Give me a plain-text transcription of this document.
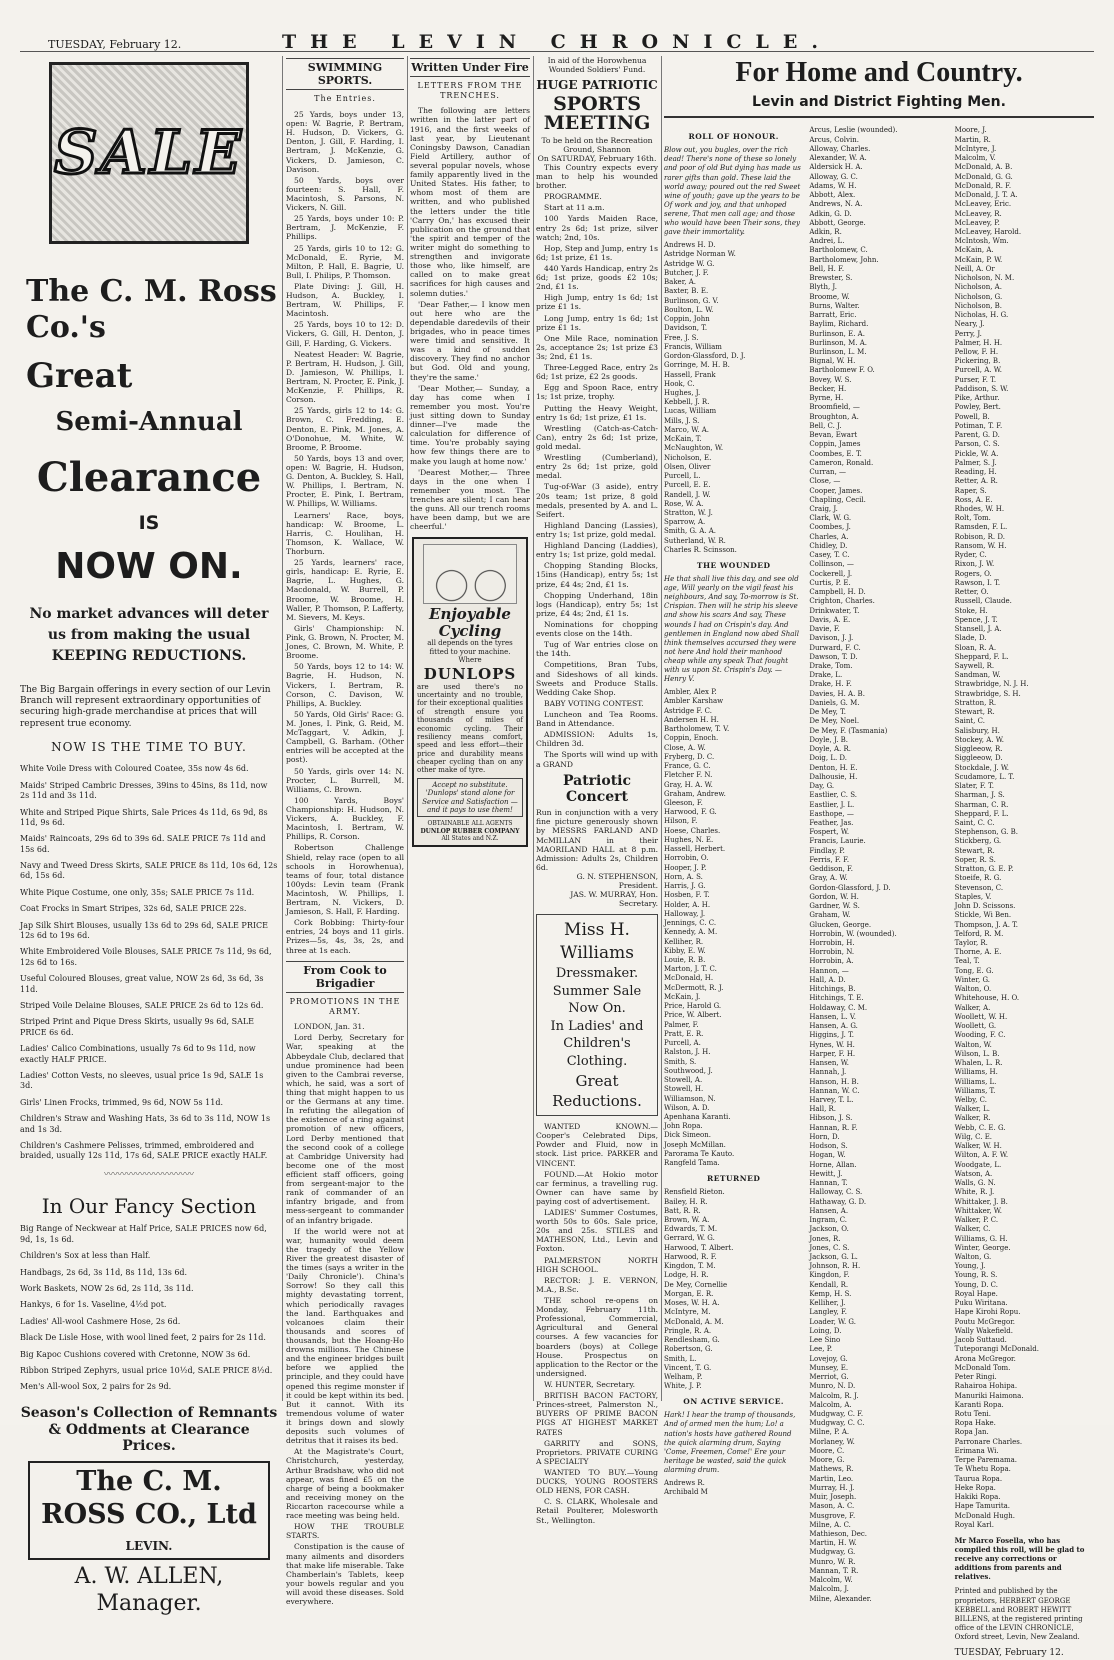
TUESDAY, February 12.	THE LEVIN CHRONICLE.
SALE
The C. M. Ross Co.'s
Great
Semi-Annual
Clearance
IS
NOW ON.
No market advances will deter us from making the usual KEEPING REDUCTIONS.
The Big Bargain offerings in every section of our Levin Branch will represent extraordinary opportunities of securing high-grade merchandise at prices that will represent true economy.
NOW IS THE TIME TO BUY.

White Voile Dress with Coloured Coatee, 35s now 4s 6d.

Maids' Striped Cambric Dresses, 39ins to 45ins, 8s 11d, now 2s 11d and 3s 11d.

White and Striped Pique Shirts, Sale Prices 4s 11d, 6s 9d, 8s 11d, 9s 6d.

Maids' Raincoats, 29s 6d to 39s 6d. SALE PRICE 7s 11d and 15s 6d.

Navy and Tweed Dress Skirts, SALE PRICE 8s 11d, 10s 6d, 12s 6d, 15s 6d.

White Pique Costume, one only, 35s; SALE PRICE 7s 11d.

Coat Frocks in Smart Stripes, 32s 6d, SALE PRICE 22s.

Jap Silk Shirt Blouses, usually 13s 6d to 29s 6d, SALE PRICE 12s 6d to 19s 6d.

White Embroidered Voile Blouses, SALE PRICE 7s 11d, 9s 6d, 12s 6d to 16s.

Useful Coloured Blouses, great value, NOW 2s 6d, 3s 6d, 3s 11d.

Striped Voile Delaine Blouses, SALE PRICE 2s 6d to 12s 6d.

Striped Print and Pique Dress Skirts, usually 9s 6d, SALE PRICE 6s 6d.

Ladies' Calico Combinations, usually 7s 6d to 9s 11d, now exactly HALF PRICE.

Ladies' Cotton Vests, no sleeves, usual price 1s 9d, SALE 1s 3d.

Girls' Linen Frocks, trimmed, 9s 6d, NOW 5s 11d.

Children's Straw and Washing Hats, 3s 6d to 3s 11d, NOW 1s and 1s 3d.

Children's Cashmere Pelisses, trimmed, embroidered and braided, usually 12s 11d, 17s 6d, SALE PRICE exactly HALF.

〰〰〰〰〰〰〰〰〰〰
In Our Fancy Section

Big Range of Neckwear at Half Price, SALE PRICES now 6d, 9d, 1s, 1s 6d.

Children's Sox at less than Half.

Handbags, 2s 6d, 3s 11d, 8s 11d, 13s 6d.

Work Baskets, NOW 2s 6d, 2s 11d, 3s 11d.

Hankys, 6 for 1s. Vaseline, 4½d pot.

Ladies' All-wool Cashmere Hose, 2s 6d.

Black De Lisle Hose, with wool lined feet, 2 pairs for 2s 11d.

Big Kapoc Cushions covered with Cretonne, NOW 3s 6d.

Ribbon Striped Zephyrs, usual price 10½d, SALE PRICE 8½d.

Men's All-wool Sox, 2 pairs for 2s 9d.

Season's Collection of Remnants & Oddments at Clearance Prices.
The C. M. ROSS CO., Ltd
LEVIN.
A. W. ALLEN, Manager.
SWIMMING SPORTS.
The Entries.

25 Yards, boys under 13, open: W. Bagrie, P. Bertram, H. Hudson, D. Vickers, G. Denton, J. Gill, F. Harding, I. Bertram, J. McKenzie, G. Vickers, D. Jamieson, C. Davison.

50 Yards, boys over fourteen: S. Hall, F. Macintosh, S. Parsons, N. Vickers, N. Gill.

25 Yards, boys under 10: P. Bertram, J. McKenzie, F. Phillips.

25 Yards, girls 10 to 12: G. McDonald, E. Ryrie, M. Milton, P. Hall, E. Bagrie, U. Bull, I. Philips, P. Thomson.

Plate Diving: J. Gill, H. Hudson, A. Buckley, I. Bertram, W. Phillips, F. Macintosh.

25 Yards, boys 10 to 12: D. Vickers, G. Gill, H. Denton, J. Gill, F. Harding, G. Vickers.

Neatest Header: W. Bagrie, P. Bertram, H. Hudson, J. Gill, D. Jamieson, W. Phillips, I. Bertram, N. Procter, E. Pink, J. McKenzie, F. Phillips, R. Corson.

25 Yards, girls 12 to 14: G. Brown, C. Fredding, E. Denton, E. Pink, M. Jones, A. O'Donohue, M. White, W. Broome, P. Broome.

50 Yards, boys 13 and over, open: W. Bagrie, H. Hudson, G. Denton, A. Buckley, S. Hall, W. Phillips, I. Bertram, N. Procter, E. Pink, I. Bertram, W. Phillips, W. Williams.

Learners' Race, boys, handicap: W. Broome, L. Harris, C. Houlihan, H. Thomson, K. Wallace, W. Thorburn.

25 Yards, learners' race, girls, handicap: E. Ryrie, E. Bagrie, L. Hughes, G. Macdonald, W. Burrell, P. Broome, W. Broome, H. Waller, P. Thomson, P. Lafferty, M. Sievers, M. Keys.

Girls' Championship: N. Pink, G. Brown, N. Procter, M. Jones, C. Brown, M. White, P. Broome.

50 Yards, boys 12 to 14: W. Bagrie, H. Hudson, N. Vickers, I. Bertram, R. Corson, C. Davison, W. Phillips, A. Buckley.

50 Yards, Old Girls' Race: G. M. Jones, I. Pink, G. Reid, M. McTaggart, V. Adkin, J. Campbell, G. Barham. (Other entries will be accepted at the post).

50 Yards, girls over 14: N. Procter, L. Burrell, M. Williams, C. Brown.

100 Yards, Boys' Championship: H. Hudson, N. Vickers, A. Buckley, F. Macintosh, I. Bertram, W. Phillips, R. Corson.

Robertson Challenge Shield, relay race (open to all schools in Horowhenua), teams of four, total distance 100yds: Levin team (Frank Macintosh, W. Phillips, I. Bertram, N. Vickers, D. Jamieson, S. Hall, F. Harding.

Cork Bobbing: Thirty-four entries, 24 boys and 11 girls. Prizes—5s, 4s, 3s, 2s, and three at 1s each.

From Cook to Brigadier
PROMOTIONS IN THE ARMY.

LONDON, Jan. 31.

Lord Derby, Secretary for War, speaking at the Abbeydale Club, declared that undue prominence had been given to the Cambrai reverse, which, he said, was a sort of thing that might happen to us or the Germans at any time. In refuting the allegation of the existence of a ring against promotion of new officers, Lord Derby mentioned that the second cook of a college at Cambridge University had become one of the most efficient staff officers, going from sergeant-major to the rank of commander of an infantry brigade, and from mess-sergeant to commander of an infantry brigade.

If the world were not at war, humanity would deem the tragedy of the Yellow River the greatest disaster of the times (says a writer in the 'Daily Chronicle'). China's Sorrow! So they call this mighty devastating torrent, which periodically ravages the land. Earthquakes and volcanoes claim their thousands and scores of thousands, but the Hoang-Ho drowns millions. The Chinese and the engineer bridges built before we applied the principle, and they could have opened this regime monster if it could be kept within its bed. But it cannot. With its tremendous volume of water it brings down and slowly deposits such volumes of detritus that it raises its bed.

At the Magistrate's Court, Christchurch, yesterday, Arthur Bradshaw, who did not appear, was fined £5 on the charge of being a bookmaker and receiving money on the Riccarton racecourse while a race meeting was being held.

HOW THE TROUBLE STARTS.

Constipation is the cause of many ailments and disorders that make life miserable. Take Chamberlain's Tablets, keep your bowels regular and you will avoid these diseases. Sold everywhere.

Written Under Fire
LETTERS FROM THE TRENCHES.

The following are letters written in the latter part of 1916, and the first weeks of last year, by Lieutenant Coningsby Dawson, Canadian Field Artillery, author of several popular novels, whose family apparently lived in the United States. His father, to whom most of them are written, and who published the letters under the title 'Carry On,' has excused their publication on the ground that 'the spirit and temper of the writer might do something to strengthen and invigorate those who, like himself, are called on to make great sacrifices for high causes and solemn duties.'

'Dear Father,— I know men out here who are the dependable daredevils of their brigades, who in peace times were timid and sensitive. It was a kind of sudden discovery. They find no anchor but God. Old and young, they're the same.'

'Dear Mother,— Sunday, a day has come when I remember you most. You're just sitting down to Sunday dinner—I've made the calculation for difference of time. You're probably saying how few things there are to make you laugh at home now.'

'Dearest Mother,— Three days in the one when I remember you most. The trenches are silent; I can hear the guns. All our trench rooms have been damp, but we are cheerful.'

Enjoyable Cycling
all depends on the tyres fitted to your machine. Where
DUNLOPS
are used there's no uncertainty and no trouble, for their exceptional qualities of strength ensure you thousands of miles of economic cycling. Their resiliency means comfort, speed and less effort—their price and durability means cheaper cycling than on any other make of tyre.
Accept no substitute. 'Dunlops' stand alone for Service and Satisfaction — and it pays to use them!
OBTAINABLE ALL AGENTS
DUNLOP RUBBER COMPANY
All States and N.Z.
In aid of the Horowhenua Wounded Soldiers' Fund.
HUGE PATRIOTIC
SPORTS MEETING
To be held on the Recreation Ground, Shannon
On SATURDAY, February 16th.

This Country expects every man to help his wounded brother.

PROGRAMME.

Start at 11 a.m.

100 Yards Maiden Race, entry 2s 6d; 1st prize, silver watch; 2nd, 10s.

Hop, Step and Jump, entry 1s 6d; 1st prize, £1 1s.

440 Yards Handicap, entry 2s 6d; 1st prize, goods £2 10s; 2nd, £1 1s.

High Jump, entry 1s 6d; 1st prize £1 1s.

Long Jump, entry 1s 6d; 1st prize £1 1s.

One Mile Race, nomination 2s, acceptance 2s; 1st prize £3 3s; 2nd, £1 1s.

Three-Legged Race, entry 2s 6d; 1st prize, £2 2s goods.

Egg and Spoon Race, entry 1s; 1st prize, trophy.

Putting the Heavy Weight, entry 1s 6d; 1st prize, £1 1s.

Wrestling (Catch-as-Catch-Can), entry 2s 6d; 1st prize, gold medal.

Wrestling (Cumberland), entry 2s 6d; 1st prize, gold medal.

Tug-of-War (3 aside), entry 20s team; 1st prize, 8 gold medals, presented by A. and L. Seifert.

Highland Dancing (Lassies), entry 1s; 1st prize, gold medal.

Highland Dancing (Laddies), entry 1s; 1st prize, gold medal.

Chopping Standing Blocks, 15ins (Handicap), entry 5s; 1st prize, £4 4s; 2nd, £1 1s.

Chopping Underhand, 18in logs (Handicap), entry 5s; 1st prize, £4 4s; 2nd, £1 1s.

Nominations for chopping events close on the 14th.

Tug of War entries close on the 14th.

Competitions, Bran Tubs, and Sideshows of all kinds. Sweets and Produce Stalls. Wedding Cake Shop.

BABY VOTING CONTEST.

Luncheon and Tea Rooms. Band in Attendance.

ADMISSION: Adults 1s, Children 3d.

The Sports will wind up with a GRAND

Patriotic Concert
Run in conjunction with a very fine picture generously shown by MESSRS FARLAND AND McMILLAN in their MAORILAND HALL at 8 p.m. Admission: Adults 2s, Children 6d.
G. N. STEPHENSON, President.
JAS. W. MURRAY, Hon. Secretary.
Miss H. Williams
Dressmaker.
Summer Sale Now On.
In Ladies' and Children's Clothing.
Great Reductions.

WANTED KNOWN.—Cooper's Celebrated Dips, Powder and Fluid, now in stock. List price. PARKER and VINCENT.

FOUND.—At Hokio motor car ferminus, a travelling rug. Owner can have same by paying cost of advertisement.

LADIES' Summer Costumes, worth 50s to 60s. Sale price, 20s and 25s. STILES and MATHESON, Ltd., Levin and Foxton.

PALMERSTON NORTH HIGH SCHOOL.

RECTOR: J. E. VERNON, M.A., B.Sc.

THE school re-opens on Monday, February 11th. Professional, Commercial, Agricultural and General courses. A few vacancies for boarders (boys) at College House. Prospectus on application to the Rector or the undersigned.

W. HUNTER, Secretary.

BRITISH BACON FACTORY, Princes-street, Palmerston N., BUYERS OF PRIME BACON PIGS AT HIGHEST MARKET RATES

GARRITY and SONS, Proprietors. PRIVATE CURING A SPECIALTY

WANTED TO BUY.—Young DUCKS, YOUNG ROOSTERS OLD HENS, FOR CASH.

C. S. CLARK, Wholesale and Retail Poulterer, Molesworth St., Wellington.

For Home and Country.
Levin and District Fighting Men.
ROLL OF HONOUR.
Blow out, you bugles, over the rich dead! There's none of these so lonely and poor of old But dying has made us rarer gifts than gold. These laid the world away; poured out the red Sweet wine of youth; gave up the years to be Of work and joy, and that unhoped serene, That men call age; and those who would have been Their sons, they gave their immortality.
Andrews H. D.
Astridge Norman W.
Astridge W. G.
Butcher, J. F.
Baker, A.
Baxter, B. E.
Burlinson, G. V.
Boulton, L. W.
Coppin, John
Davidson, T.
Free, J. S.
Francis, William
Gordon-Glassford, D. J.
Gorringe, M. H. B.
Hassell, Frank
Hook, C.
Hughes, J.
Kebbell, J. R.
Lucas, William
Mills, J. S.
Marco, W. A.
McKain, T.
McNaughton, W.
Nicholson, E.
Olsen, Oliver
Purcell, L.
Purcell, E. E.
Randell, J. W.
Rose, W. A.
Stratton, W. J.
Sparrow, A.
Smith, G. A. A.
Sutherland, W. R.
Charles R. Scinsson.
THE WOUNDED
He that shall live this day, and see old age, Will yearly on the vigil feast his neighbours, And say, To-morrow is St. Crispian. Then will he strip his sleeve and show his scars And say, These wounds I had on Crispin's day. And gentlemen in England now abed Shall think themselves accursed they were not here And hold their manhood cheap while any speak That fought with us upon St. Crispin's Day. —Henry V.
Ambler, Alex P.
Ambler Karshaw
Astridge F. C.
Andersen H. H.
Bartholomew, T. V.
Coppin, Enoch.
Close, A. W.
Fryberg, D. C.
France, G. C.
Fletcher F. N.
Gray, H. A. W.
Graham, Andrew.
Gleeson, F.
Harwood, F. G.
Hilson, F.
Hoese, Charles.
Hughes, N. E.
Hassell, Herbert.
Horrobin, O.
Hooper, J. P.
Horn, A. S.
Harris, J. G.
Hosben, F. T.
Holder, A. H.
Halloway, J.
Jennings, C. C.
Kennedy, A. M.
Kelliher, R.
Kibby, E. W.
Louie, R. B.
Marton, J. T. C.
McDonald, H.
McDermott, R. J.
McKain, J.
Price, Harold G.
Price, W. Albert.
Palmer, F.
Pratt, E. R.
Purcell, A.
Ralston, J. H.
Smith, S.
Southwood, J.
Stowell, A.
Stowell, H.
Williamson, N.
Wilson, A. D.
Apenhana Karanti.
John Ropa.
Dick Simeon.
Joseph McMillan.
Parorama Te Kauto.
Rangfeld Tama.
RETURNED
Rensfield Rieton.
Bailey, H. R.
Batt, R. R.
Brown, W. A.
Edwards, T. M.
Gerrard, W. G.
Harwood, T. Albert.
Harwood, R. F.
Kingdon, T. M.
Lodge, H. R.
De Mey, Cornellie
Morgan, E. R.
Moses, W. H. A.
McIntyre, M.
McDonald, A. M.
Pringle, R. A.
Rendlesham, G.
Robertson, G.
Smith, L.
Vincent, T. G.
Welham, P.
White, J. P.
ON ACTIVE SERVICE.
Hark! I hear the tramp of thousands, And of armed men the hum; Lo! a nation's hosts have gathered Round the quick alarming drum, Saying 'Come, Freemen, Come!' Ere your heritage be wasted, said the quick alarming drum.
Andrews R.
Archibald M
Arcus, Leslie (wounded).
Arcus, Colvin.
Alloway, Charles.
Alexander, W. A.
Aldersick H. A.
Alloway, G. C.
Adams, W. H.
Abbott, Alex.
Andrews, N. A.
Adkin, G. D.
Abbott, George.
Adkin, R.
Andrei, L.
Bartholomew, C.
Bartholomew, John.
Bell, H. F.
Brewster, S.
Blyth, J.
Broome, W.
Burns, Walter.
Barratt, Eric.
Baylim, Richard.
Burlinson, E. A.
Burlinson, M. A.
Burlinson, L. M.
Bignal, W. H.
Bartholomew F. O.
Bovey, W. S.
Becker, H.
Byrne, H.
Broomfield, —
Broughton, A.
Bell, C. J.
Bevan, Ewart
Coppin, James
Coombes, E. T.
Cameron, Ronald.
Curran, —
Close, —
Cooper, James.
Chapling, Cecil.
Craig, J.
Clark, W. G.
Coombes, J.
Charles, A.
Chidley, D.
Casey, T. C.
Collinson, —
Cockerell, J.
Curtis, P. E.
Campbell, H. D.
Crighton, Charles.
Drinkwater, T.
Davis, A. E.
Davie, F.
Davison, J. J.
Durward, F. C.
Dawson, T. D.
Drake, Tom.
Drake, L.
Drake, H. F.
Davies, H. A. B.
Daniels, G. M.
De Mey, T.
De Mey, Noel.
De Mey, F. (Tasmania)
Doyle, J. B.
Doyle, A. R.
Doig, L. D.
Denton, H. E.
Dalhousie, H.
Day, G.
Eastlier, C. S.
Eastlier, J. L.
Easthope, —
Feather, Jas.
Fospert, W.
Francis, Laurie.
Findlay, P.
Ferris, F. F.
Geddison, F.
Gray, A. W.
Gordon-Glassford, J. D.
Gordon, W. H.
Gardner, W. S.
Graham, W.
Glucken, George.
Horrobin, W. (wounded).
Horrobin, H.
Horrobin, N.
Horrobin, A.
Hannon, —
Hall, A. D.
Hitchings, B.
Hitchings, T. E.
Holdaway, C. M.
Hansen, L. V.
Hansen, A. G.
Higgins, J. T.
Hynes, W. H.
Harper, F. H.
Hansen, W.
Hannah, J.
Hanson, H. B.
Hannan, W. C.
Harvey, T. L.
Hall, R.
Hibson, J. S.
Hannan, R. F.
Horn, D.
Hodson, S.
Hogan, W.
Horne, Allan.
Hewitt, J.
Hannan, T.
Halloway, C. S.
Hathaway, G. D.
Hansen, A.
Ingram, C.
Jackson, O.
Jones, R.
Jones, C. S.
Jackson, G. L.
Johnson, R. H.
Kingdon, F.
Kendall, R.
Kemp, H. S.
Kelliher, J.
Langley, F.
Loader, W. G.
Loing, D.
Lee Sino
Lee, P.
Lovejoy, G.
Munsey, E.
Merriot, G.
Munro, N. D.
Malcolm, R. J.
Malcolm, A.
Mudgway, C. F.
Mudgway, C. C.
Milne, P. A.
Morlaney, W.
Moore, C.
Moore, G.
Mathews, R.
Martin, Leo.
Murray, H. J.
Muir, Joseph.
Mason, A. C.
Musgrove, F.
Milne, A. C.
Mathieson, Dec.
Martin, H. W.
Mudgway, G.
Munro, W. R.
Mannan, T. R.
Malcolm, W.
Malcolm, J.
Milne, Alexander.
Moore, J.
Martin, R.
McIntyre, J.
Malcolm, V.
McDonald, A. B.
McDonald, G. G.
McDonald, R. F.
McDonald, J. T. A.
McLeavey, Eric.
McLeavey, R.
McLeavey, P.
McLeavey, Harold.
McIntosh, Wm.
McKain, A.
McKain, P. W.
Neill, A. Or
Nicholson, N. M.
Nicholson, A.
Nicholson, G.
Nicholson, B.
Nicholas, H. G.
Neary, J.
Perry, J.
Palmer, H. H.
Pellow, F. H.
Pickering, B.
Purcell, A. W.
Purser, F. T.
Paddison, S. W.
Pike, Arthur.
Powley, Bert.
Powell, B.
Potiman, T. F.
Parent, G. D.
Parson, C. S.
Pickle, W. A.
Palmer, S. J.
Reading, H.
Retter, A. R.
Raper, S.
Ross, A. E.
Rhodes, W. H.
Rolt, Tom.
Ramsden, F. L.
Robison, R. D.
Ransom, W. H.
Ryder, C.
Rixon, J. W.
Rogers, O.
Rawson, I. T.
Retter, O.
Russell, Claude.
Stoke, H.
Spence, J. T.
Stansell, J. A.
Slade, D.
Sloan, R. A.
Sheppard, F. L.
Saywell, R.
Sandman, W.
Strawbridge, N. J. H.
Strawbridge, S. H.
Stratton, R.
Stewart, R.
Saint, C.
Salisbury, H.
Stockey, A. W.
Siggleeow, R.
Siggleeow, D.
Stockdale, J. W.
Scudamore, L. T.
Slater, F. T.
Sharman, J. S.
Sharman, C. R.
Sheppard, F. L.
Saint, C. C.
Stephenson, G. B.
Stickberg, G.
Stewart, R.
Soper, R. S.
Stratton, G. E. P.
Stoeife, R. G.
Stevenson, C.
Staples, V.
John D. Scissons.
Stickle, Wi Ben.
Thompson, J. A. T.
Telford, R. M.
Taylor, R.
Thorne, A. E.
Teal, T.
Tong, E. G.
Winter, G.
Walton, O.
Whitehouse, H. O.
Walker, A.
Woollett, W. H.
Woollett, G.
Wooding, F. C.
Walton, W.
Wilson, L. B.
Whalen, L. R.
Williams, H.
Williams, L.
Williams, T.
Welby, C.
Walker, L.
Walker, R.
Webb, C. E. G.
Wilg, C. E.
Walker, W. H.
Wilton, A. F. W.
Woodgate, L.
Watson, A.
Walls, G. N.
White, R. J.
Whittaker, J. B.
Whittaker, W.
Walker, P. C.
Walker, C.
Williams, G. H.
Winter, George.
Walton, G.
Young, J.
Young, R. S.
Young, D. C.
Royal Hape.
Puku Wiritana.
Hape Kirohi Ropu.
Poutu McGregor.
Wally Wakefield.
Jacob Suttaud.
Tuteporangi McDonald.
Arona McGregor.
McDonald Tom.
Peter Ringi.
Rahairoa Hohipa.
Manuriki Haimona.
Karanti Ropa.
Rotu Teni.
Ropa Hake.
Ropa Jan.
Parronare Charles.
Erimana Wi.
Terpe Paremama.
Te Whetu Ropa.
Taurua Ropa.
Heke Ropa.
Hakiki Ropa.
Hape Tamurita.
McDonald Hugh.
Royal Karl.
Mr Marco Fosella, who has compiled this roll, will be glad to receive any corrections or additions from parents and relatives.
Printed and published by the proprietors, HERBERT GEORGE KEBBELL and ROBERT HEWITT BILLENS, at the registered printing office of the LEVIN CHRONICLE, Oxford street, Levin, New Zealand.
TUESDAY, February 12.
